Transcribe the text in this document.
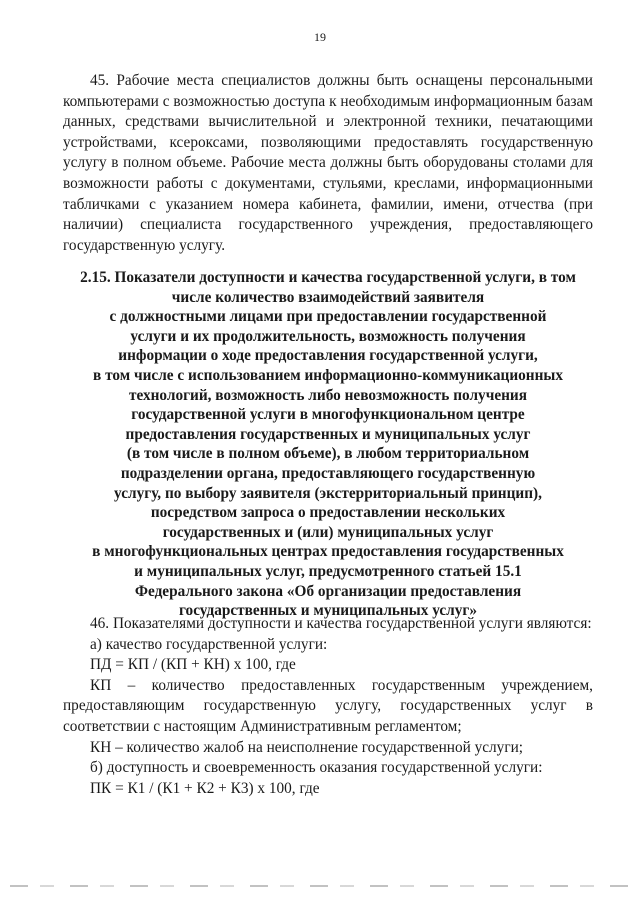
19

45. Рабочие места специалистов должны быть оснащены персональными компьютерами с возможностью доступа к необходимым информационным базам данных, средствами вычислительной и электронной техники, печатающими устройствами, ксероксами, позволяющими предоставлять государственную услугу в полном объеме. Рабочие места должны быть оборудованы столами для возможности работы с документами, стульями, креслами, информационными табличками с указанием номера кабинета, фамилии, имени, отчества (при наличии) специалиста государственного учреждения, предоставляющего государственную услугу.

2.15. Показатели доступности и качества государственной услуги, в том
числе количество взаимодействий заявителя
с должностными лицами при предоставлении государственной
услуги и их продолжительность, возможность получения
информации о ходе предоставления государственной услуги,
в том числе с использованием информационно-коммуникационных
технологий, возможность либо невозможность получения
государственной услуги в многофункциональном центре
предоставления государственных и муниципальных услуг
(в том числе в полном объеме), в любом территориальном
подразделении органа, предоставляющего государственную
услугу, по выбору заявителя (экстерриториальный принцип),
посредством запроса о предоставлении нескольких
государственных и (или) муниципальных услуг
в многофункциональных центрах предоставления государственных
и муниципальных услуг, предусмотренного статьей 15.1
Федерального закона «Об организации предоставления
государственных и муниципальных услуг»

46. Показателями доступности и качества государственной услуги являются:

а) качество государственной услуги:

ПД = КП / (КП + КН) х 100, где

КП – количество предоставленных государственным учреждением, предоставляющим государственную услугу, государственных услуг в соответствии с настоящим Административным регламентом;

КН – количество жалоб на неисполнение государственной услуги;

б) доступность и своевременность оказания государственной услуги:

ПК = К1 / (К1 + К2 + К3) х 100, где
